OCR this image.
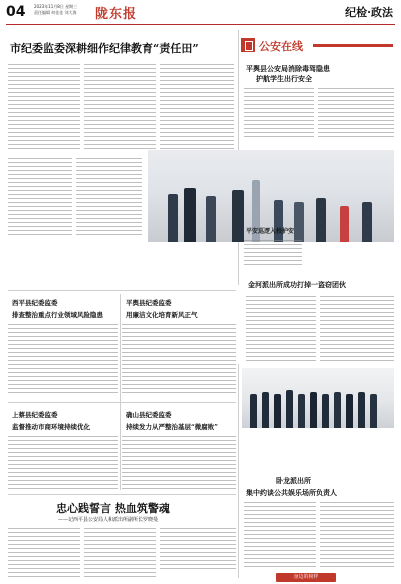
04 2023年11月8日 星期三
责任编辑 何佳佳 刘大海 陇东报	纪检·政法
市纪委监委深耕细作纪律教育“责任田”	公安在线
平舆县公安局消除毒驾隐患
护航学生出行安全
平安巡逻入校护安
金河派出所成功打掉一盗窃团伙
西平县纪委监委
排查整治重点行业领域风险隐患
平舆县纪委监委
用廉洁文化培育新风正气
上蔡县纪委监委
监督推动市商环境持续优化
确山县纪委监委
持续发力从严整治基层“微腐败”
忠心践誓言 热血筑警魂
——记西平县公安局人和派出所副所长罗晓曼
卧龙派出所
集中约谈公共娱乐场所负责人
身边的榜样
